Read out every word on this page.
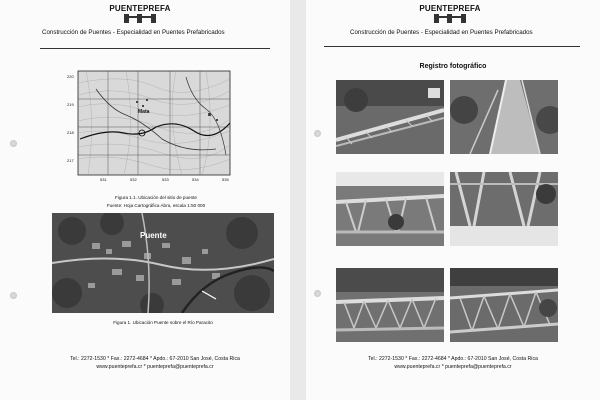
PUENTEPREFA
Construcción de Puentes - Especialidad en Puentes Prefabricados
Mata
220
219
218
217
531	532	533	534	535
Figura 1.1. Ubicación del sitio de puente
Fuente: Hoja Cartográfica Abra, escala 1:50 000
Puente
Figura 1. Ubicación Puente sobre el Río Paracito
Tel.: 2272-1530 * Fax.: 2272-4684 * Apdo.: 67-2010 San José, Costa Rica
www.puenteprefa.cr * puenteprefa@puenteprefa.cr
PUENTEPREFA
Construcción de Puentes - Especialidad en Puentes Prefabricados
Registro fotográfico
Tel.: 2272-1530 * Fax.: 2272-4684 * Apdo.: 67-2010 San José, Costa Rica
www.puenteprefa.cr * puenteprefa@puenteprefa.cr
